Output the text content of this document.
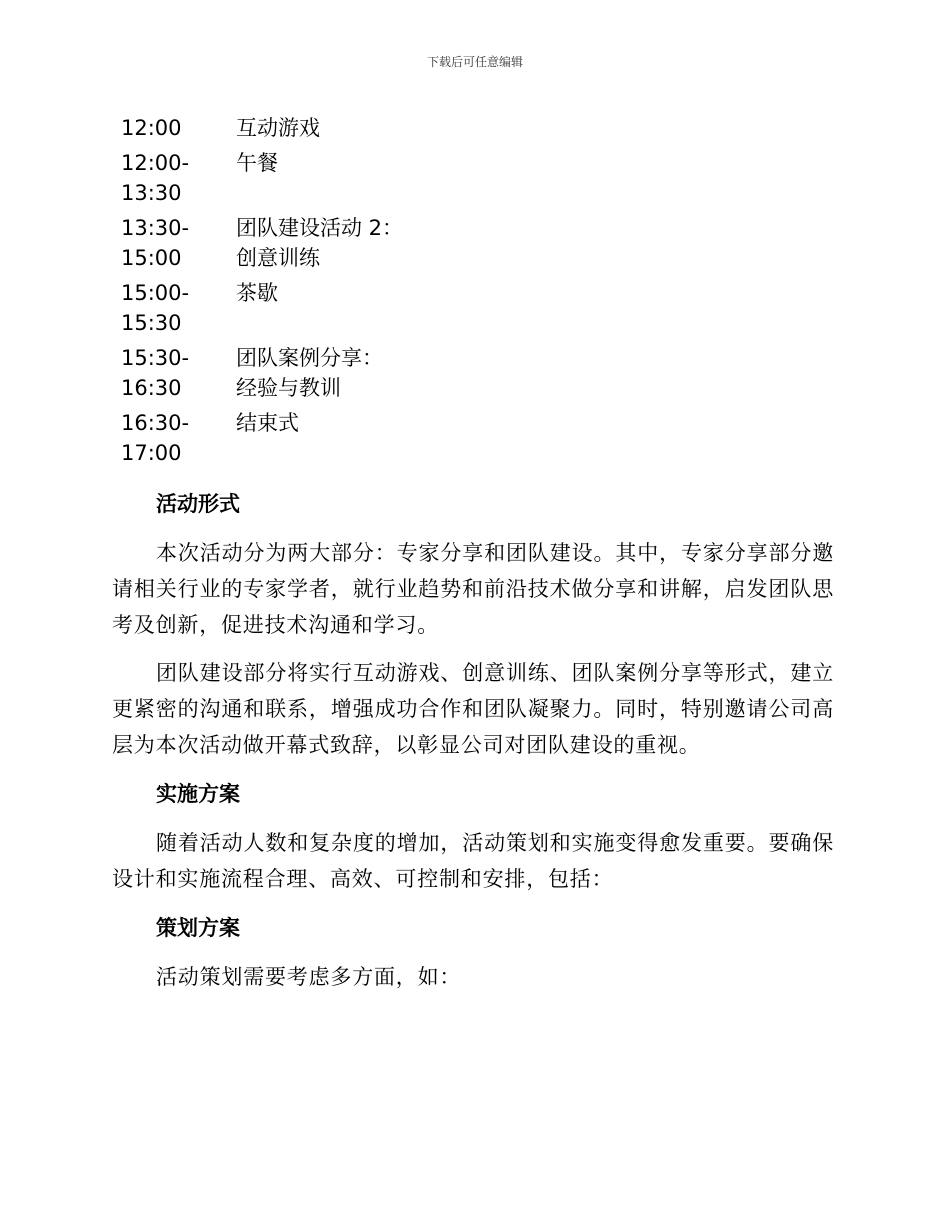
下载后可任意编辑
12:00	互动游戏
12:00-
13:30
午餐
13:30-
15:00
团队建设活动 2：
创意训练
15:00-
15:30
茶歇
15:30-
16:30
团队案例分享：
经验与教训
16:30-
17:00
结束式
活动形式

本次活动分为两大部分：专家分享和团队建设。其中，专家分享部分邀请相关行业的专家学者，就行业趋势和前沿技术做分享和讲解，启发团队思考及创新，促进技术沟通和学习。

团队建设部分将实行互动游戏、创意训练、团队案例分享等形式，建立更紧密的沟通和联系，增强成功合作和团队凝聚力。同时，特别邀请公司高层为本次活动做开幕式致辞，以彰显公司对团队建设的重视。

实施方案

随着活动人数和复杂度的增加，活动策划和实施变得愈发重要。要确保设计和实施流程合理、高效、可控制和安排，包括：

策划方案

活动策划需要考虑多方面，如：
